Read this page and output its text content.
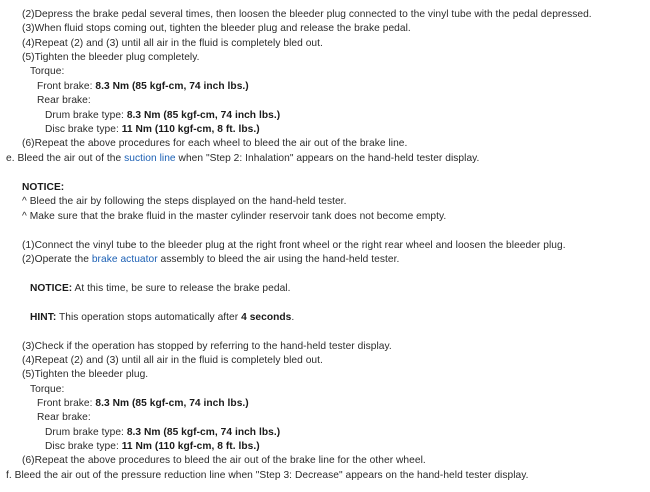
(2)Depress the brake pedal several times, then loosen the bleeder plug connected to the vinyl tube with the pedal depressed.
(3)When fluid stops coming out, tighten the bleeder plug and release the brake pedal.
(4)Repeat (2) and (3) until all air in the fluid is completely bled out.
(5)Tighten the bleeder plug completely.
Torque:
Front brake: 8.3 Nm (85 kgf-cm, 74 inch lbs.)
Rear brake:
Drum brake type: 8.3 Nm (85 kgf-cm, 74 inch lbs.)
Disc brake type: 11 Nm (110 kgf-cm, 8 ft. lbs.)
(6)Repeat the above procedures for each wheel to bleed the air out of the brake line.
e. Bleed the air out of the suction line when "Step 2: Inhalation" appears on the hand-held tester display.
NOTICE:
^ Bleed the air by following the steps displayed on the hand-held tester.
^ Make sure that the brake fluid in the master cylinder reservoir tank does not become empty.
(1)Connect the vinyl tube to the bleeder plug at the right front wheel or the right rear wheel and loosen the bleeder plug.
(2)Operate the brake actuator assembly to bleed the air using the hand-held tester.
NOTICE: At this time, be sure to release the brake pedal.
HINT: This operation stops automatically after 4 seconds.
(3)Check if the operation has stopped by referring to the hand-held tester display.
(4)Repeat (2) and (3) until all air in the fluid is completely bled out.
(5)Tighten the bleeder plug.
Torque:
Front brake: 8.3 Nm (85 kgf-cm, 74 inch lbs.)
Rear brake:
Drum brake type: 8.3 Nm (85 kgf-cm, 74 inch lbs.)
Disc brake type: 11 Nm (110 kgf-cm, 8 ft. lbs.)
(6)Repeat the above procedures to bleed the air out of the brake line for the other wheel.
f. Bleed the air out of the pressure reduction line when "Step 3: Decrease" appears on the hand-held tester display.
